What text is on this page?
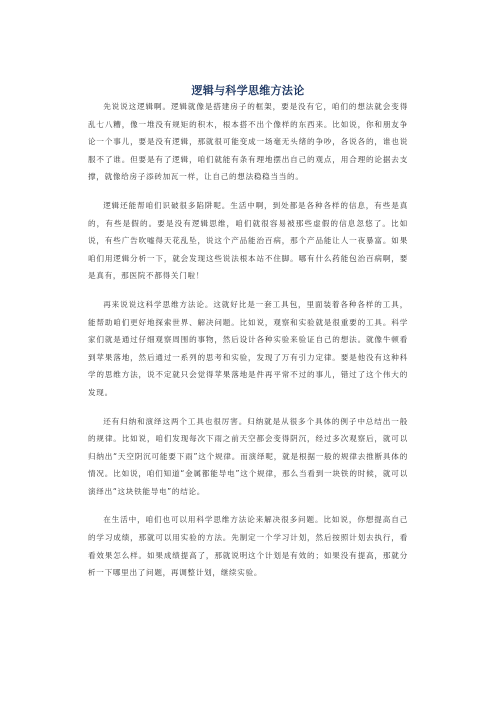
逻辑与科学思维方法论

先说说这逻辑啊。逻辑就像是搭建房子的框架，要是没有它，咱们的想法就会变得乱七八糟，像一堆没有规矩的积木，根本搭不出个像样的东西来。比如说，你和朋友争论一个事儿，要是没有逻辑，那就很可能变成一场毫无头绪的争吵，各说各的，谁也说服不了谁。但要是有了逻辑，咱们就能有条有理地摆出自己的观点，用合理的论据去支撑，就像给房子添砖加瓦一样，让自己的想法稳稳当当的。

逻辑还能帮咱们识破很多陷阱呢。生活中啊，到处都是各种各样的信息，有些是真的，有些是假的。要是没有逻辑思维，咱们就很容易被那些虚假的信息忽悠了。比如说，有些广告吹嘘得天花乱坠，说这个产品能治百病，那个产品能让人一夜暴富。如果咱们用逻辑分析一下，就会发现这些说法根本站不住脚。哪有什么药能包治百病啊，要是真有，那医院不都得关门啦！

再来说说这科学思维方法论。这就好比是一套工具包，里面装着各种各样的工具，能帮助咱们更好地探索世界、解决问题。比如说，观察和实验就是很重要的工具。科学家们就是通过仔细观察周围的事物，然后设计各种实验来验证自己的想法。就像牛顿看到苹果落地，然后通过一系列的思考和实验，发现了万有引力定律。要是他没有这种科学的思维方法，说不定就只会觉得苹果落地是件再平常不过的事儿，错过了这个伟大的发现。

还有归纳和演绎这两个工具也很厉害。归纳就是从很多个具体的例子中总结出一般的规律。比如说，咱们发现每次下雨之前天空都会变得阴沉，经过多次观察后，就可以归纳出“天空阴沉可能要下雨”这个规律。而演绎呢，就是根据一般的规律去推断具体的情况。比如说，咱们知道“金属都能导电”这个规律，那么当看到一块铁的时候，就可以演绎出“这块铁能导电”的结论。

在生活中，咱们也可以用科学思维方法论来解决很多问题。比如说，你想提高自己的学习成绩，那就可以用实验的方法。先制定一个学习计划，然后按照计划去执行，看看效果怎么样。如果成绩提高了，那就说明这个计划是有效的；如果没有提高，那就分析一下哪里出了问题，再调整计划，继续实验。
